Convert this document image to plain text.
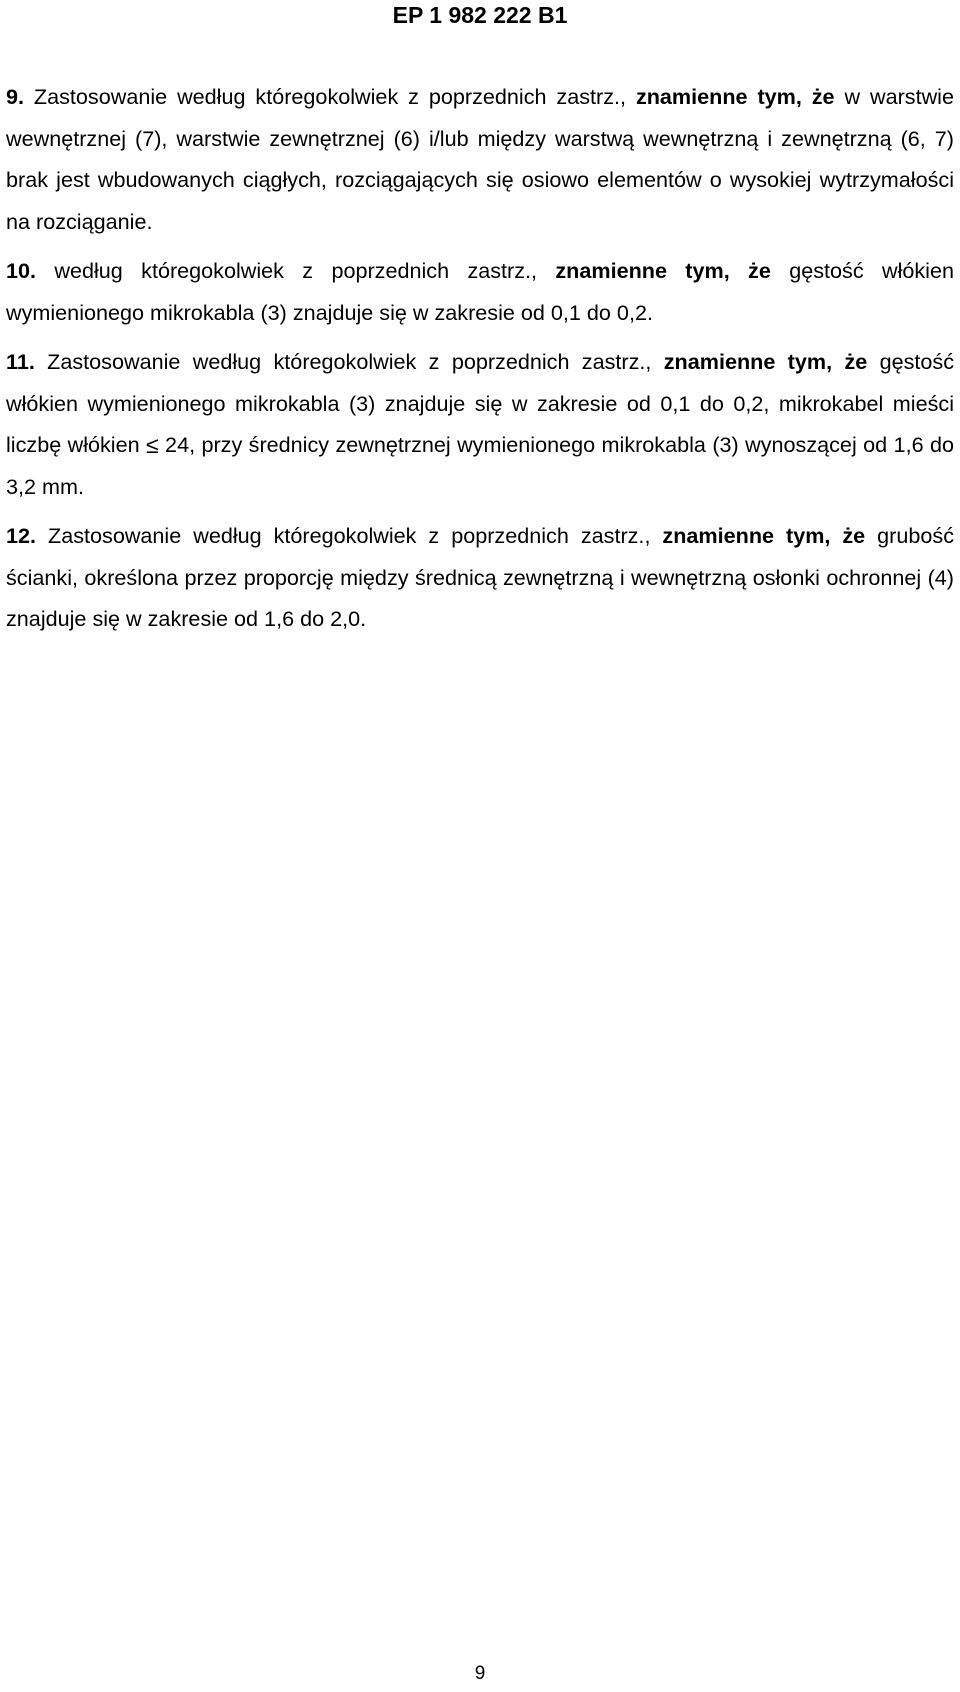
EP 1 982 222 B1

9. Zastosowanie według któregokolwiek z poprzednich zastrz., znamienne tym, że w warstwie wewnętrznej (7), warstwie zewnętrznej (6) i/lub między warstwą wewnętrzną i zewnętrzną (6, 7) brak jest wbudowanych ciągłych, rozciągających się osiowo elementów o wysokiej wytrzymałości na rozciąganie.

10. według któregokolwiek z poprzednich zastrz., znamienne tym, że gęstość włókien wymienionego mikrokabla (3) znajduje się w zakresie od 0,1 do 0,2.

11. Zastosowanie według któregokolwiek z poprzednich zastrz., znamienne tym, że gęstość włókien wymienionego mikrokabla (3) znajduje się w zakresie od 0,1 do 0,2, mikrokabel mieści liczbę włókien ≤ 24, przy średnicy zewnętrznej wymienionego mikrokabla (3) wynoszącej od 1,6 do 3,2 mm.

12. Zastosowanie według któregokolwiek z poprzednich zastrz., znamienne tym, że grubość ścianki, określona przez proporcję między średnicą zewnętrzną i wewnętrzną osłonki ochronnej (4) znajduje się w zakresie od 1,6 do 2,0.

9
